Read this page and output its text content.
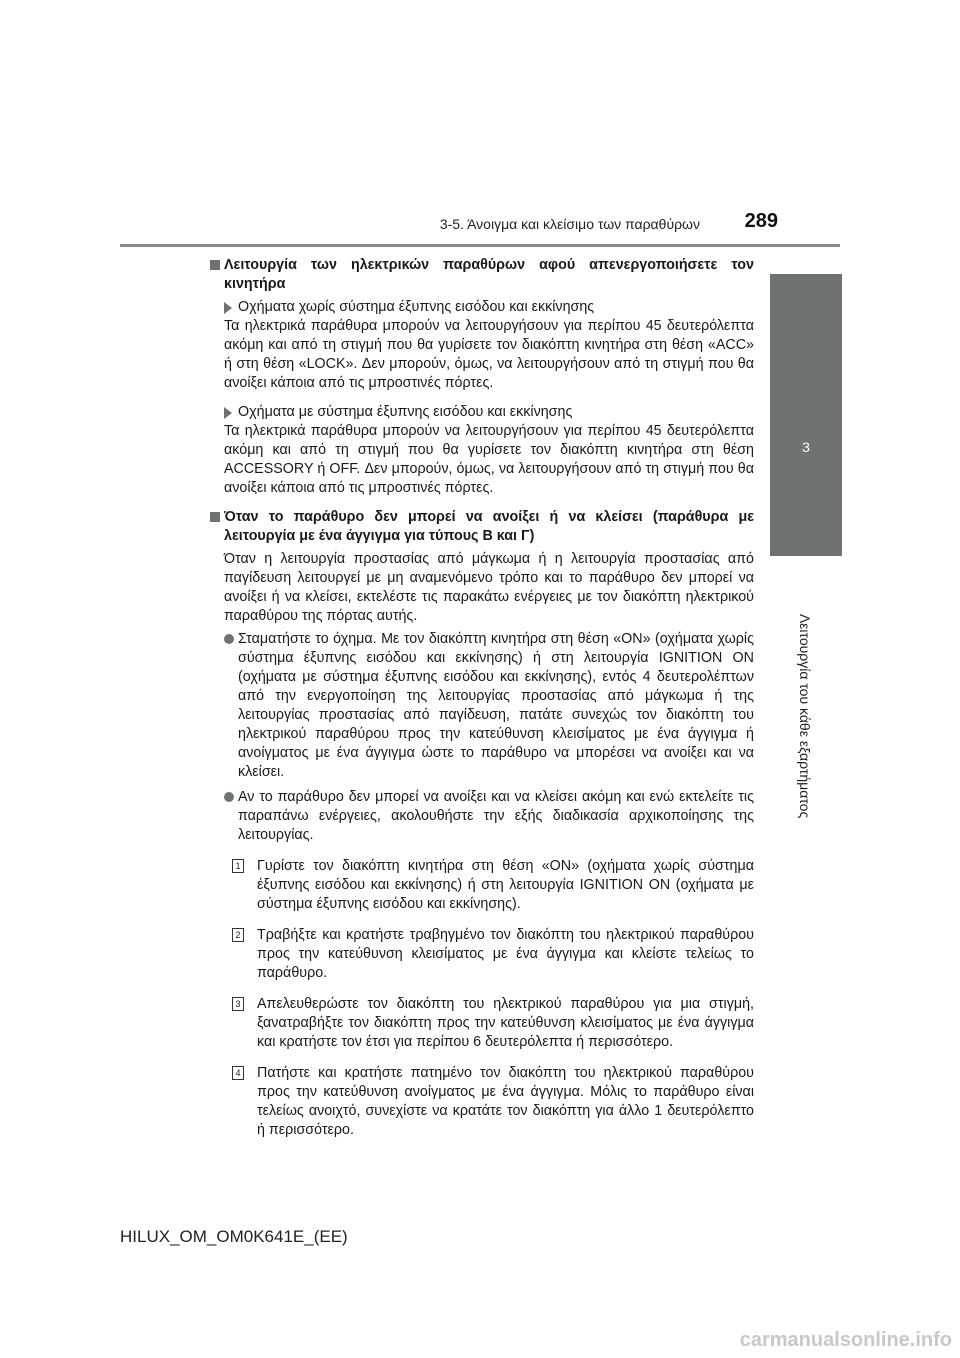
3-5. Άνοιγμα και κλείσιμο των παραθύρων 289
3
Λειτουργία του κάθε εξαρτήματος
Λειτουργία των ηλεκτρικών παραθύρων αφού απενεργοποιήσετε τον κινητήρα
Οχήματα χωρίς σύστημα έξυπνης εισόδου και εκκίνησης
Τα ηλεκτρικά παράθυρα μπορούν να λειτουργήσουν για περίπου 45 δευτερόλεπτα ακόμη και από τη στιγμή που θα γυρίσετε τον διακόπτη κινητήρα στη θέση «ACC» ή στη θέση «LOCK». Δεν μπορούν, όμως, να λειτουργήσουν από τη στιγμή που θα ανοίξει κάποια από τις μπροστινές πόρτες.
Οχήματα με σύστημα έξυπνης εισόδου και εκκίνησης
Τα ηλεκτρικά παράθυρα μπορούν να λειτουργήσουν για περίπου 45 δευτερόλεπτα ακόμη και από τη στιγμή που θα γυρίσετε τον διακόπτη κινητήρα στη θέση ACCESSORY ή OFF. Δεν μπορούν, όμως, να λειτουργήσουν από τη στιγμή που θα ανοίξει κάποια από τις μπροστινές πόρτες.
Όταν το παράθυρο δεν μπορεί να ανοίξει ή να κλείσει (παράθυρα με λειτουργία με ένα άγγιγμα για τύπους B και Γ)
Όταν η λειτουργία προστασίας από μάγκωμα ή η λειτουργία προστασίας από παγίδευση λειτουργεί με μη αναμενόμενο τρόπο και το παράθυρο δεν μπορεί να ανοίξει ή να κλείσει, εκτελέστε τις παρακάτω ενέργειες με τον διακόπτη ηλεκτρικού παραθύρου της πόρτας αυτής.
Σταματήστε το όχημα. Με τον διακόπτη κινητήρα στη θέση «ON» (οχήματα χωρίς σύστημα έξυπνης εισόδου και εκκίνησης) ή στη λειτουργία IGNITION ON (οχήματα με σύστημα έξυπνης εισόδου και εκκίνησης), εντός 4 δευτερολέπτων από την ενεργοποίηση της λειτουργίας προστασίας από μάγκωμα ή της λειτουργίας προστασίας από παγίδευση, πατάτε συνεχώς τον διακόπτη του ηλεκτρικού παραθύρου προς την κατεύθυνση κλεισίματος με ένα άγγιγμα ή ανοίγματος με ένα άγγιγμα ώστε το παράθυρο να μπορέσει να ανοίξει και να κλείσει.
Αν το παράθυρο δεν μπορεί να ανοίξει και να κλείσει ακόμη και ενώ εκτελείτε τις παραπάνω ενέργειες, ακολουθήστε την εξής διαδικασία αρχικοποίησης της λειτουργίας.
1 Γυρίστε τον διακόπτη κινητήρα στη θέση «ON» (οχήματα χωρίς σύστημα έξυπνης εισόδου και εκκίνησης) ή στη λειτουργία IGNITION ON (οχήματα με σύστημα έξυπνης εισόδου και εκκίνησης).
2 Τραβήξτε και κρατήστε τραβηγμένο τον διακόπτη του ηλεκτρικού παραθύρου προς την κατεύθυνση κλεισίματος με ένα άγγιγμα και κλείστε τελείως το παράθυρο.
3 Απελευθερώστε τον διακόπτη του ηλεκτρικού παραθύρου για μια στιγμή, ξανατραβήξτε τον διακόπτη προς την κατεύθυνση κλεισίματος με ένα άγγιγμα και κρατήστε τον έτσι για περίπου 6 δευτερόλεπτα ή περισσότερο.
4 Πατήστε και κρατήστε πατημένο τον διακόπτη του ηλεκτρικού παραθύρου προς την κατεύθυνση ανοίγματος με ένα άγγιγμα. Μόλις το παράθυρο είναι τελείως ανοιχτό, συνεχίστε να κρατάτε τον διακόπτη για άλλο 1 δευτερόλεπτο ή περισσότερο.
HILUX_OM_OM0K641E_(EE)
carmanualsonline.info
